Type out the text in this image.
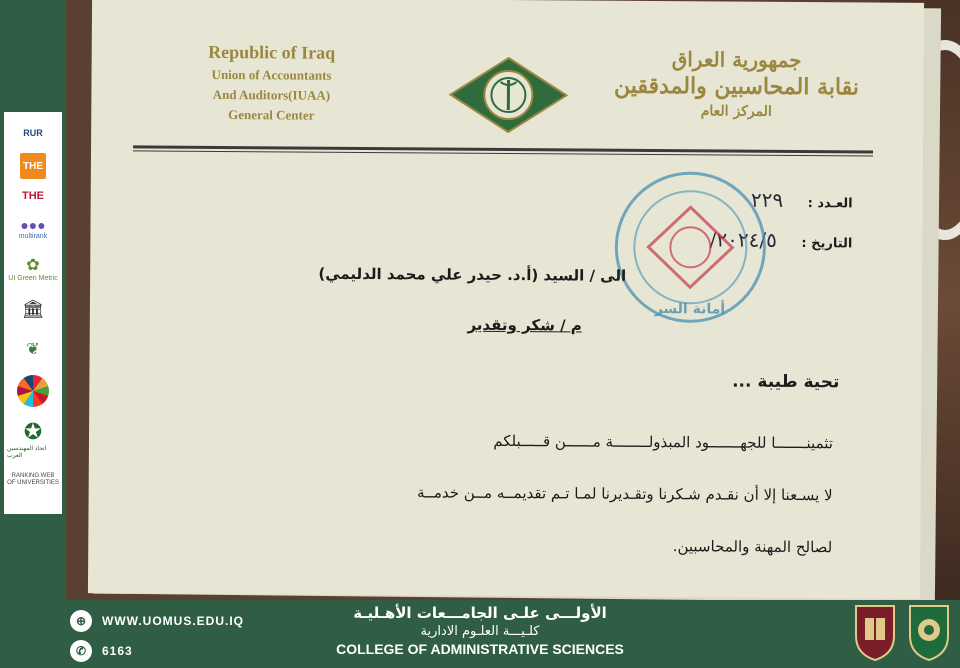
RUR
THE
THE
●●●
multirank
✿
UI Green Metric
🏛
❦
✪
اتحاد المهندسين العرب
RANKING WEB OF UNIVERSITIES
Republic of Iraq
Union of Accountants
And Auditors(IUAA)
General Center
جمهورية العراق
نقابة المحاسبين والمدققين
المركز العام
العـدد : ٢٢٩
التاريخ : ٢٠٢٤/٥/
أمانة السر
الى / السيد (أ.د. حيدر علي محمد الدليمي)
م / شكر وتقدير
تحية طيبة ...
تثمينـــــــا للجهـــــــود المبذولــــــــة مــــــن قـــــبلكم
لا يسـعنا إلا أن نقـدم شـكرنا وتقـديرنا لمـا تـم تقديمــه مــن خدمــة
لصالح المهنة والمحاسبين.
⊕	WWW.UOMUS.EDU.IQ
✆	6163
الأولـــى علـى الجامـــعات الأهـليـة
كلـيـــة العلـوم الادارية
COLLEGE OF ADMINISTRATIVE SCIENCES
